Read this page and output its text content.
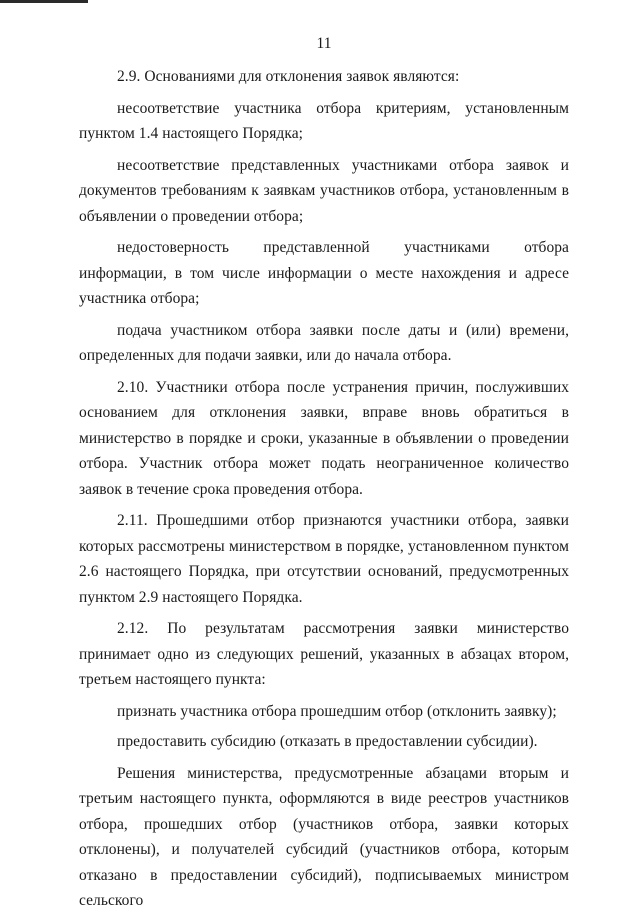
11

2.9. Основаниями для отклонения заявок являются:

несоответствие участника отбора критериям, установленным пунктом 1.4 настоящего Порядка;

несоответствие представленных участниками отбора заявок и документов требованиям к заявкам участников отбора, установленным в объявлении о проведении отбора;

недостоверность представленной участниками отбора информации, в том числе информации о месте нахождения и адресе участника отбора;

подача участником отбора заявки после даты и (или) времени, определенных для подачи заявки, или до начала отбора.

2.10. Участники отбора после устранения причин, послуживших основанием для отклонения заявки, вправе вновь обратиться в министерство в порядке и сроки, указанные в объявлении о проведении отбора. Участник отбора может подать неограниченное количество заявок в течение срока проведения отбора.

2.11. Прошедшими отбор признаются участники отбора, заявки которых рассмотрены министерством в порядке, установленном пунктом 2.6 настоящего Порядка, при отсутствии оснований, предусмотренных пунктом 2.9 настоящего Порядка.

2.12. По результатам рассмотрения заявки министерство принимает одно из следующих решений, указанных в абзацах втором, третьем настоящего пункта:

признать участника отбора прошедшим отбор (отклонить заявку);

предоставить субсидию (отказать в предоставлении субсидии).

Решения министерства, предусмотренные абзацами вторым и третьим настоящего пункта, оформляются в виде реестров участников отбора, прошедших отбор (участников отбора, заявки которых отклонены), и получателей субсидий (участников отбора, которым отказано в предоставлении субсидий), подписываемых министром сельского
